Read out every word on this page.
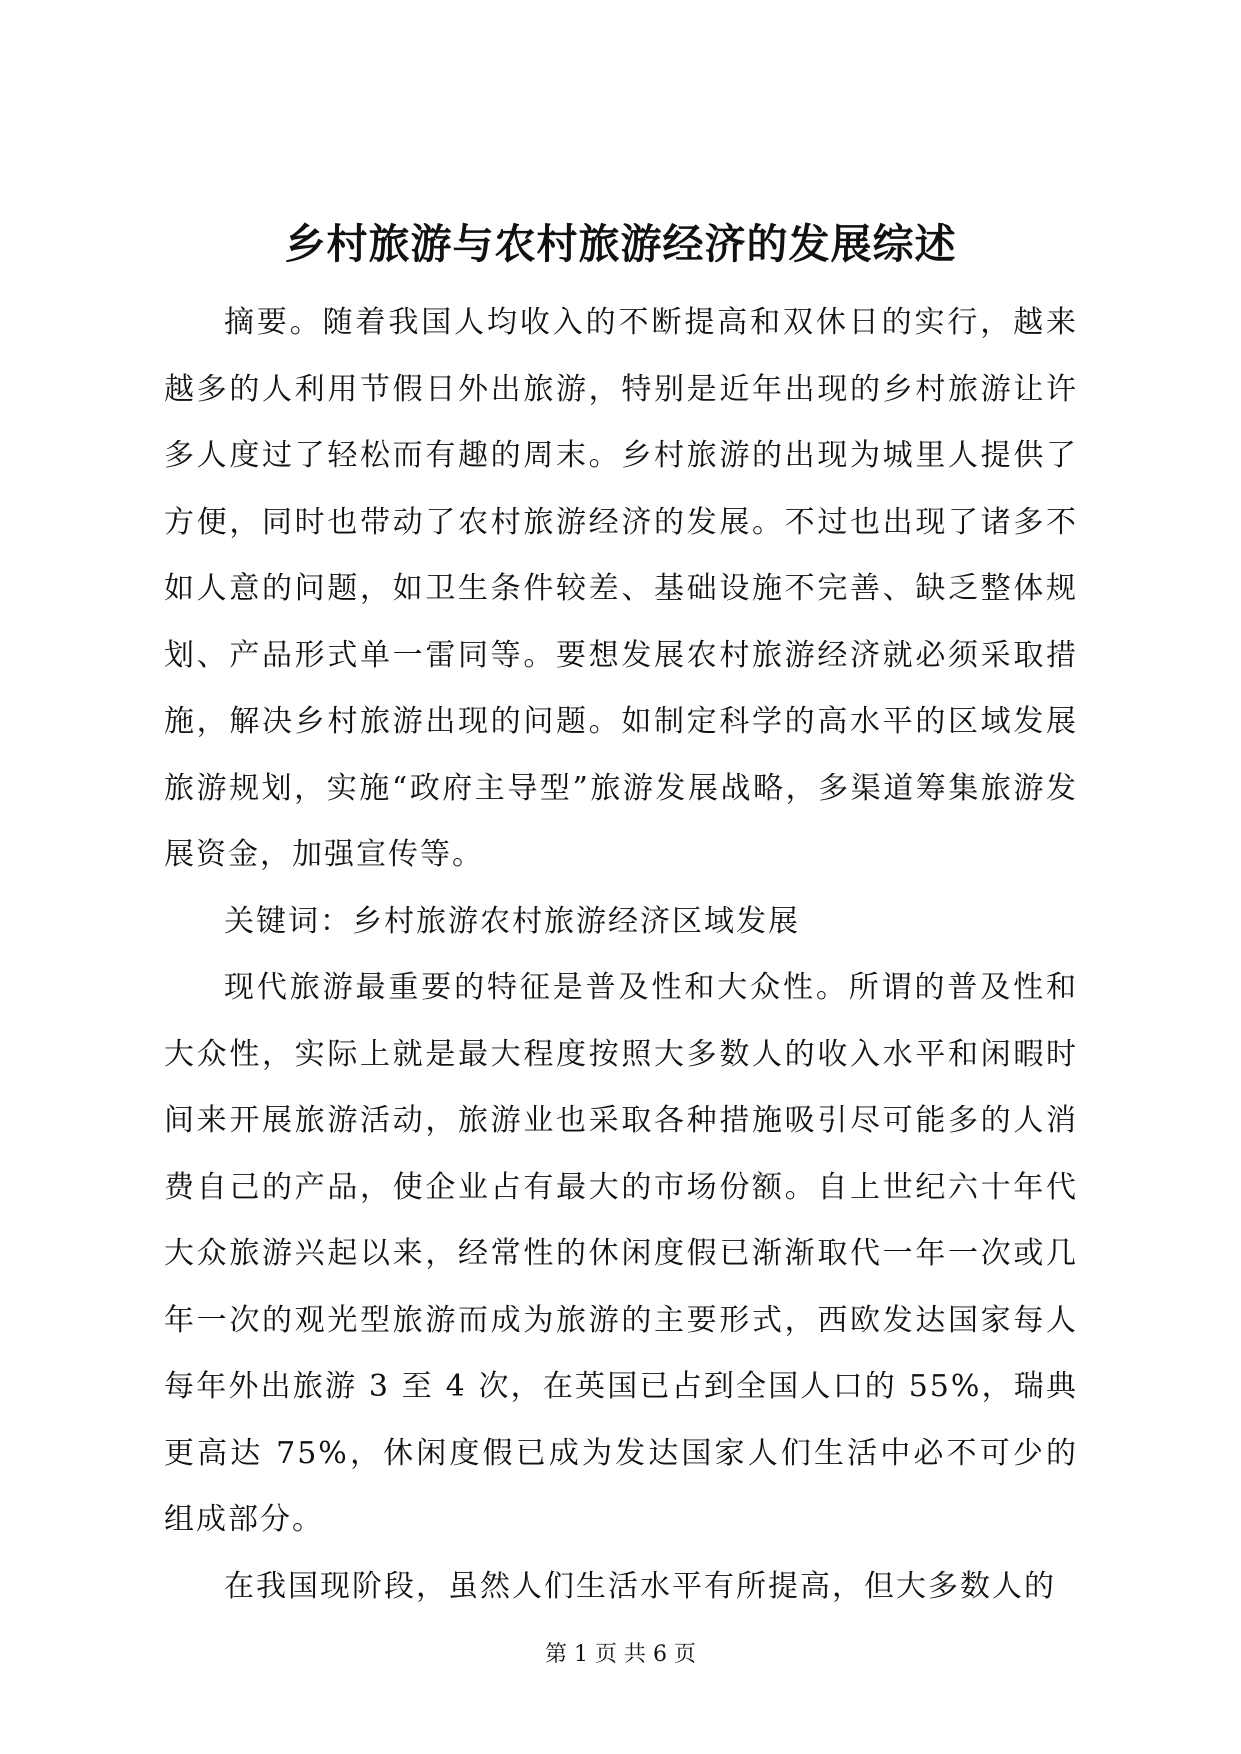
乡村旅游与农村旅游经济的发展综述

摘要。随着我国人均收入的不断提高和双休日的实行，越来越多的人利用节假日外出旅游，特别是近年出现的乡村旅游让许多人度过了轻松而有趣的周末。乡村旅游的出现为城里人提供了方便，同时也带动了农村旅游经济的发展。不过也出现了诸多不如人意的问题，如卫生条件较差、基础设施不完善、缺乏整体规划、产品形式单一雷同等。要想发展农村旅游经济就必须采取措施，解决乡村旅游出现的问题。如制定科学的高水平的区域发展旅游规划，实施“政府主导型”旅游发展战略，多渠道筹集旅游发展资金，加强宣传等。

关键词：乡村旅游农村旅游经济区域发展

现代旅游最重要的特征是普及性和大众性。所谓的普及性和大众性，实际上就是最大程度按照大多数人的收入水平和闲暇时间来开展旅游活动，旅游业也采取各种措施吸引尽可能多的人消费自己的产品，使企业占有最大的市场份额。自上世纪六十年代大众旅游兴起以来，经常性的休闲度假已渐渐取代一年一次或几年一次的观光型旅游而成为旅游的主要形式，西欧发达国家每人每年外出旅游 3 至 4 次，在英国已占到全国人口的 55%，瑞典更高达 75%，休闲度假已成为发达国家人们生活中必不可少的组成部分。

在我国现阶段，虽然人们生活水平有所提高，但大多数人的

第 1 页 共 6 页
